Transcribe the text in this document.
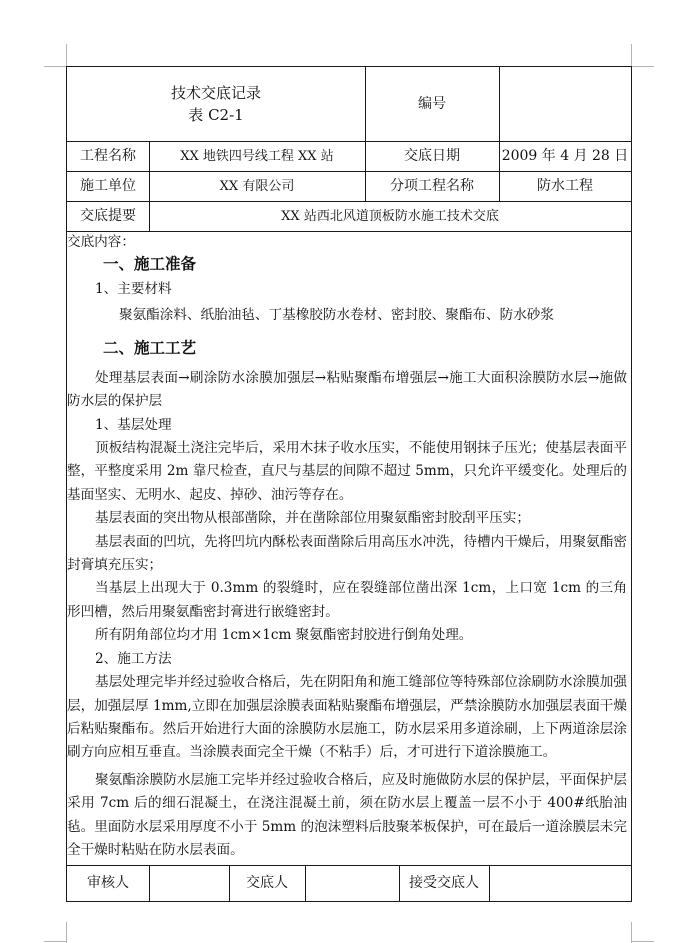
技术交底记录
表 C2-1
编号
工程名称	XX 地铁四号线工程 XX 站	交底日期	2009 年 4 月 28 日
施工单位	XX 有限公司	分项工程名称	防水工程
交底提要	XX 站西北风道顶板防水施工技术交底

交底内容：

一、施工准备

1、主要材料

聚氨酯涂料、纸胎油毡、丁基橡胶防水卷材、密封胶、聚酯布、防水砂浆

二、施工工艺

处理基层表面→刷涂防水涂膜加强层→粘贴聚酯布增强层→施工大面积涂膜防水层→施做防水层的保护层

1、基层处理

顶板结构混凝土浇注完毕后，采用木抹子收水压实，不能使用钢抹子压光；使基层表面平整，平整度采用 2m 靠尺检查，直尺与基层的间隙不超过 5mm，只允许平缓变化。处理后的基面坚实、无明水、起皮、掉砂、油污等存在。

基层表面的突出物从根部凿除，并在凿除部位用聚氨酯密封胶刮平压实；

基层表面的凹坑，先将凹坑内酥松表面凿除后用高压水冲洗，待槽内干燥后，用聚氨酯密封膏填充压实；

当基层上出现大于 0.3mm 的裂缝时，应在裂缝部位凿出深 1cm，上口宽 1cm 的三角形凹槽，然后用聚氨酯密封膏进行嵌缝密封。

所有阴角部位均才用 1cm×1cm 聚氨酯密封胶进行倒角处理。

2、施工方法

基层处理完毕并经过验收合格后，先在阴阳角和施工缝部位等特殊部位涂刷防水涂膜加强层，加强层厚 1mm,立即在加强层涂膜表面粘贴聚酯布增强层，严禁涂膜防水加强层表面干燥后粘贴聚酯布。然后开始进行大面的涂膜防水层施工，防水层采用多道涂刷，上下两道涂层涂刷方向应相互垂直。当涂膜表面完全干燥（不粘手）后，才可进行下道涂膜施工。

聚氨酯涂膜防水层施工完毕并经过验收合格后，应及时施做防水层的保护层，平面保护层采用 7cm 后的细石混凝土，在浇注混凝土前，须在防水层上覆盖一层不小于 400#纸胎油毡。里面防水层采用厚度不小于 5mm 的泡沫塑料后肢聚苯板保护，可在最后一道涂膜层未完全干燥时粘贴在防水层表面。

审核人	交底人	接受交底人
